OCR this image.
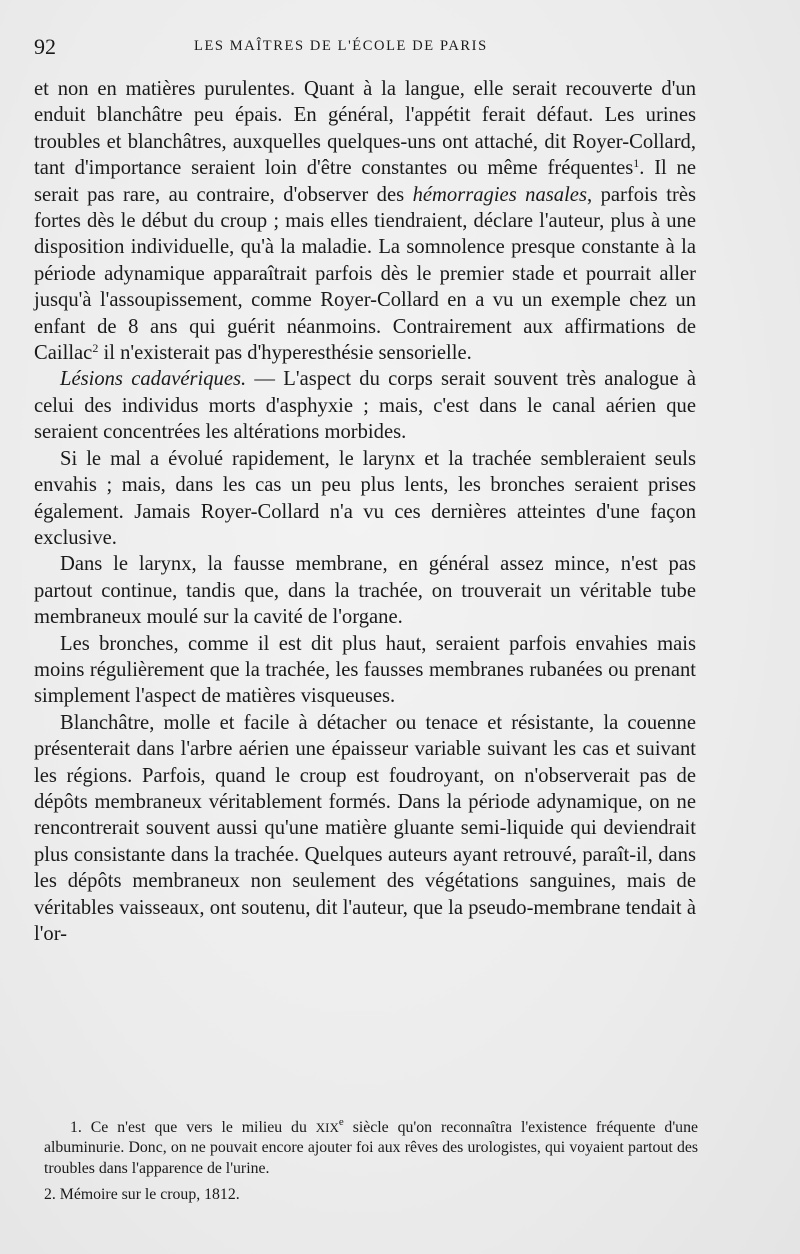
92	LES MAÎTRES DE L'ÉCOLE DE PARIS

et non en matières purulentes. Quant à la langue, elle serait recouverte d'un enduit blanchâtre peu épais. En général, l'appétit ferait défaut. Les urines troubles et blanchâtres, auxquelles quelques-uns ont attaché, dit Royer-Collard, tant d'importance seraient loin d'être constantes ou même fréquentes$^1$. Il ne serait pas rare, au contraire, d'observer des hémorragies nasales, parfois très fortes dès le début du croup ; mais elles tiendraient, déclare l'auteur, plus à une disposition individuelle, qu'à la maladie. La somnolence presque constante à la période adynamique apparaîtrait parfois dès le premier stade et pourrait aller jusqu'à l'assoupissement, comme Royer-Collard en a vu un exemple chez un enfant de 8 ans qui guérit néanmoins. Contrairement aux affirmations de Caillac$^2$ il n'existerait pas d'hyperesthésie sensorielle.

Lésions cadavériques. — L'aspect du corps serait souvent très analogue à celui des individus morts d'asphyxie ; mais, c'est dans le canal aérien que seraient concentrées les altérations morbides.

Si le mal a évolué rapidement, le larynx et la trachée sembleraient seuls envahis ; mais, dans les cas un peu plus lents, les bronches seraient prises également. Jamais Royer-Collard n'a vu ces dernières atteintes d'une façon exclusive.

Dans le larynx, la fausse membrane, en général assez mince, n'est pas partout continue, tandis que, dans la trachée, on trouverait un véritable tube membraneux moulé sur la cavité de l'organe.

Les bronches, comme il est dit plus haut, seraient parfois envahies mais moins régulièrement que la trachée, les fausses membranes rubanées ou prenant simplement l'aspect de matières visqueuses.

Blanchâtre, molle et facile à détacher ou tenace et résistante, la couenne présenterait dans l'arbre aérien une épaisseur variable suivant les cas et suivant les régions. Parfois, quand le croup est foudroyant, on n'observerait pas de dépôts membraneux véritablement formés. Dans la période adynamique, on ne rencontrerait souvent aussi qu'une matière gluante semi-liquide qui deviendrait plus consistante dans la trachée. Quelques auteurs ayant retrouvé, paraît-il, dans les dépôts membraneux non seulement des végétations sanguines, mais de véritables vaisseaux, ont soutenu, dit l'auteur, que la pseudo-membrane tendait à l'or-

1. Ce n'est que vers le milieu du XIXe siècle qu'on reconnaîtra l'existence fréquente d'une albuminurie. Donc, on ne pouvait encore ajouter foi aux rêves des urologistes, qui voyaient partout des troubles dans l'apparence de l'urine.

2. Mémoire sur le croup, 1812.
